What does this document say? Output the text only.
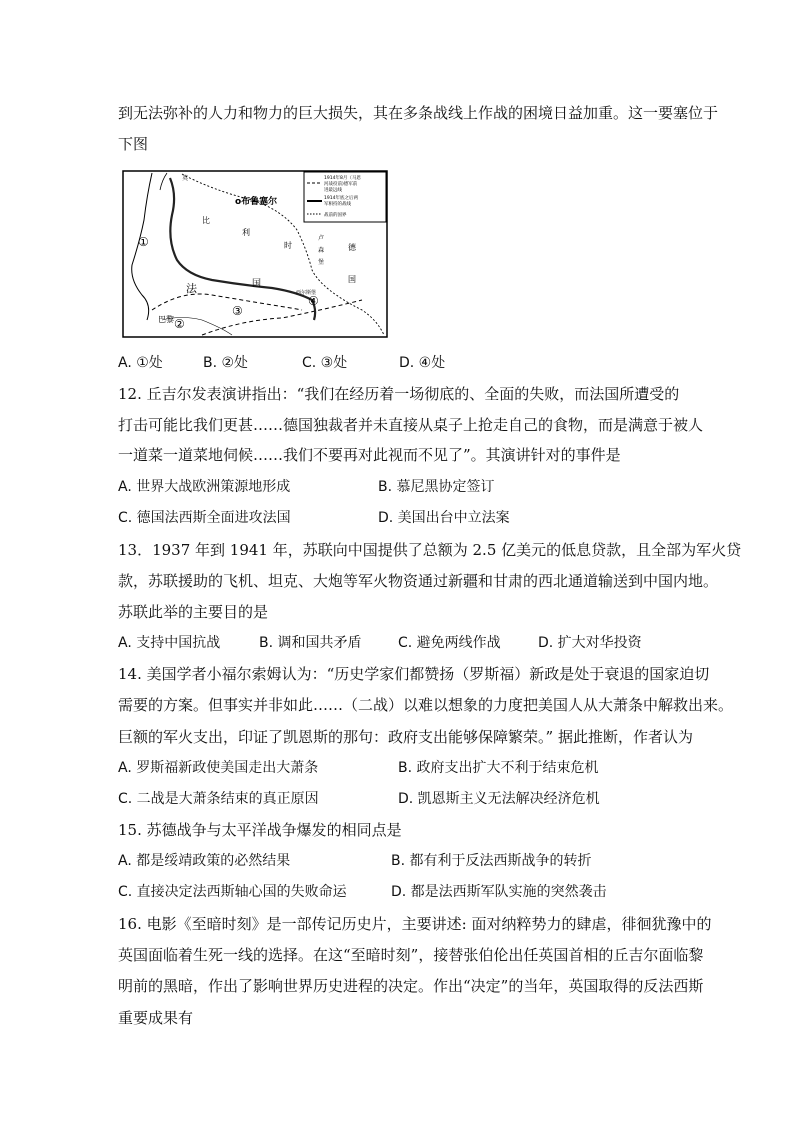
到无法弥补的人力和物力的巨大损失，其在多条战线上作战的困境日益加重。这一要塞位于
下图
1914年8月（马恩
河战役前)德军前
进最远线
1914年底之后两
军相持的战线
战前的国界
o布鲁塞尔
比
利
时
卢
森
堡
德
国
法	国
巴黎
英
西尔斯堡
①
②
③
④
A. ①处	B. ②处	C. ③处	D. ④处
12. 丘吉尔发表演讲指出：“我们在经历着一场彻底的、全面的失败，而法国所遭受的
打击可能比我们更甚……德国独裁者并未直接从桌子上抢走自己的食物，而是满意于被人
一道菜一道菜地伺候……我们不要再对此视而不见了”。其演讲针对的事件是
A. 世界大战欧洲策源地形成	B. 慕尼黑协定签订
C. 德国法西斯全面进攻法国	D. 美国出台中立法案
13．1937 年到 1941 年，苏联向中国提供了总额为 2.5 亿美元的低息贷款，且全部为军火贷
款，苏联援助的飞机、坦克、大炮等军火物资通过新疆和甘肃的西北通道输送到中国内地。
苏联此举的主要目的是
A. 支持中国抗战	B. 调和国共矛盾	C. 避免两线作战	D. 扩大对华投资
14. 美国学者小福尔索姆认为：“历史学家们都赞扬（罗斯福）新政是处于衰退的国家迫切
需要的方案。但事实并非如此……（二战）以难以想象的力度把美国人从大萧条中解救出来。
巨额的军火支出，印证了凯恩斯的那句：政府支出能够保障繁荣。” 据此推断，作者认为
A. 罗斯福新政使美国走出大萧条	B. 政府支出扩大不利于结束危机
C. 二战是大萧条结束的真正原因	D. 凯恩斯主义无法解决经济危机
15. 苏德战争与太平洋战争爆发的相同点是
A. 都是绥靖政策的必然结果	B. 都有利于反法西斯战争的转折
C. 直接决定法西斯轴心国的失败命运	D. 都是法西斯军队实施的突然袭击
16. 电影《至暗时刻》是一部传记历史片，主要讲述: 面对纳粹势力的肆虐，徘徊犹豫中的
英国面临着生死一线的选择。在这“至暗时刻”，接替张伯伦出任英国首相的丘吉尔面临黎
明前的黑暗，作出了影响世界历史进程的决定。作出“决定”的当年，英国取得的反法西斯
重要成果有
